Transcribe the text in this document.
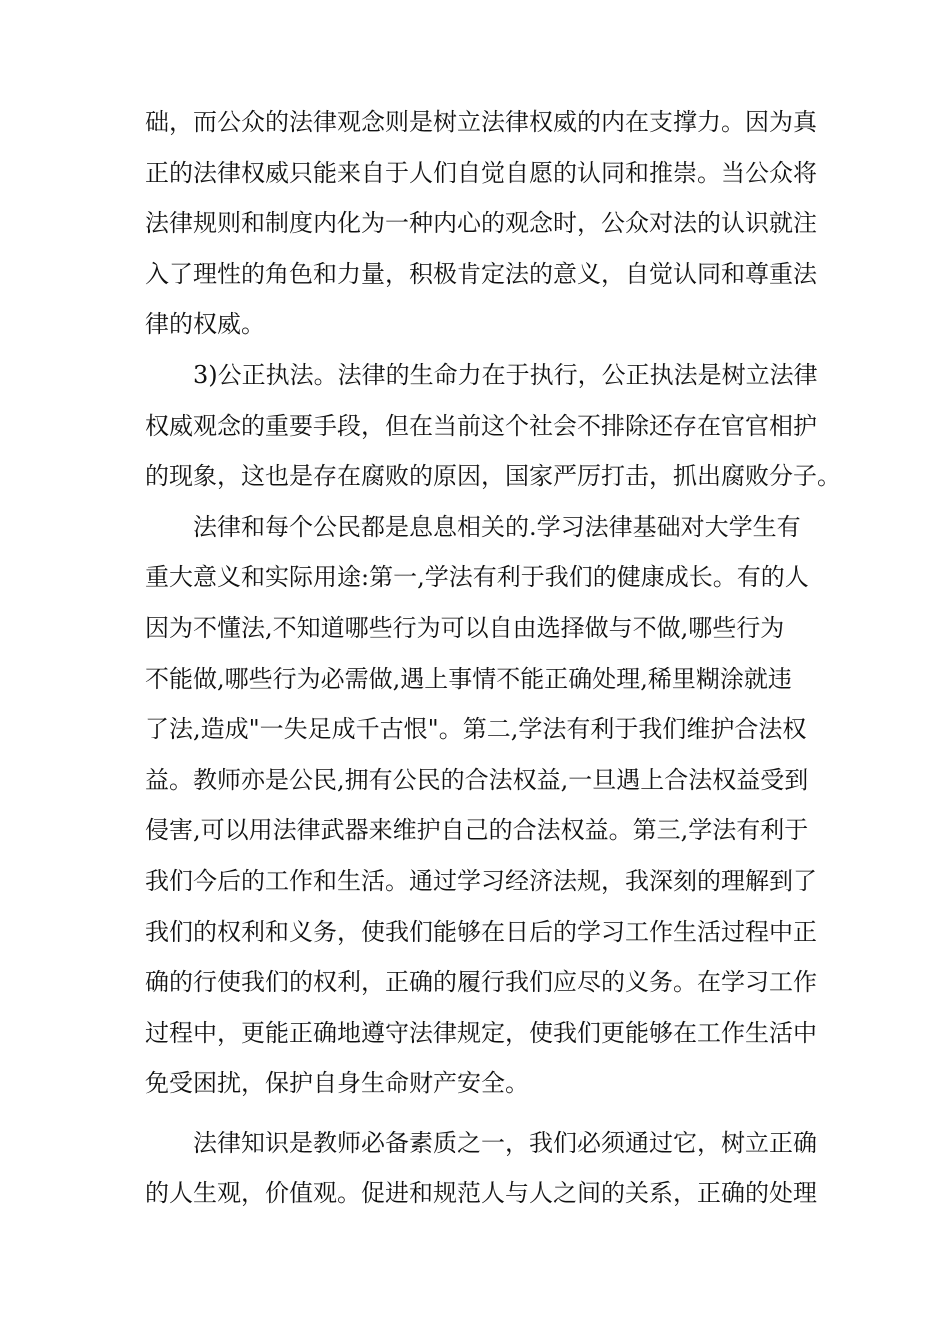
础，而公众的法律观念则是树立法律权威的内在支撑力。因为真
正的法律权威只能来自于人们自觉自愿的认同和推崇。当公众将
法律规则和制度内化为一种内心的观念时，公众对法的认识就注
入了理性的角色和力量，积极肯定法的意义，自觉认同和尊重法
律的权威。
3)公正执法。法律的生命力在于执行，公正执法是树立法律
权威观念的重要手段，但在当前这个社会不排除还存在官官相护
的现象，这也是存在腐败的原因，国家严厉打击，抓出腐败分子。
法律和每个公民都是息息相关的.学习法律基础对大学生有
重大意义和实际用途:第一,学法有利于我们的健康成长。有的人
因为不懂法,不知道哪些行为可以自由选择做与不做,哪些行为
不能做,哪些行为必需做,遇上事情不能正确处理,稀里糊涂就违
了法,造成"一失足成千古恨"。第二,学法有利于我们维护合法权
益。教师亦是公民,拥有公民的合法权益,一旦遇上合法权益受到
侵害,可以用法律武器来维护自己的合法权益。第三,学法有利于
我们今后的工作和生活。通过学习经济法规，我深刻的理解到了
我们的权利和义务，使我们能够在日后的学习工作生活过程中正
确的行使我们的权利，正确的履行我们应尽的义务。在学习工作
过程中，更能正确地遵守法律规定，使我们更能够在工作生活中
免受困扰，保护自身生命财产安全。
法律知识是教师必备素质之一，我们必须通过它，树立正确
的人生观，价值观。促进和规范人与人之间的关系，正确的处理
